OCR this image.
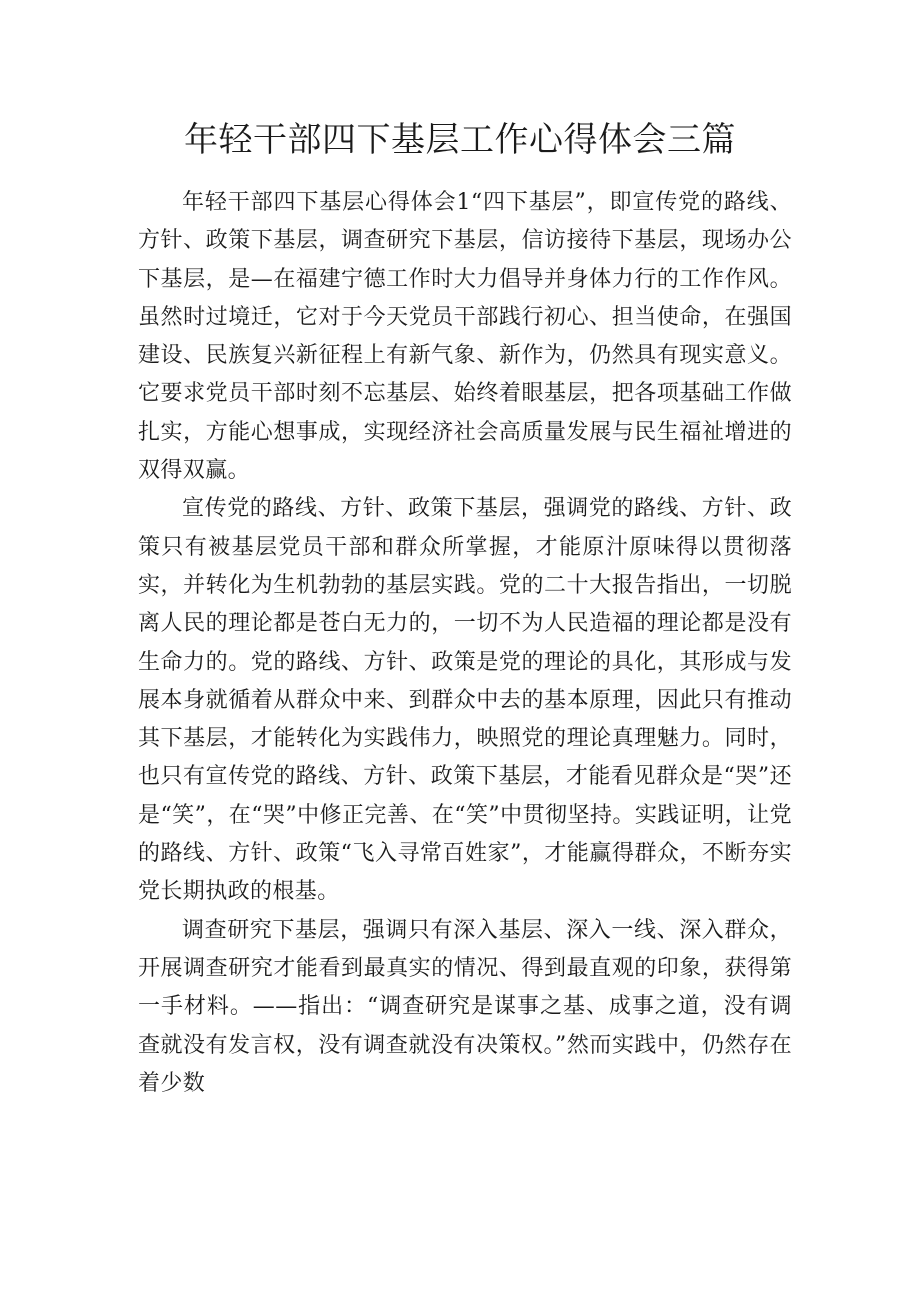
年轻干部四下基层工作心得体会三篇

年轻干部四下基层心得体会1“四下基层”，即宣传党的路线、方针、政策下基层，调查研究下基层，信访接待下基层，现场办公下基层，是—在福建宁德工作时大力倡导并身体力行的工作作风。虽然时过境迁，它对于今天党员干部践行初心、担当使命，在强国建设、民族复兴新征程上有新气象、新作为，仍然具有现实意义。它要求党员干部时刻不忘基层、始终着眼基层，把各项基础工作做扎实，方能心想事成，实现经济社会高质量发展与民生福祉增进的双得双赢。

宣传党的路线、方针、政策下基层，强调党的路线、方针、政策只有被基层党员干部和群众所掌握，才能原汁原味得以贯彻落实，并转化为生机勃勃的基层实践。党的二十大报告指出，一切脱离人民的理论都是苍白无力的，一切不为人民造福的理论都是没有生命力的。党的路线、方针、政策是党的理论的具化，其形成与发展本身就循着从群众中来、到群众中去的基本原理，因此只有推动其下基层，才能转化为实践伟力，映照党的理论真理魅力。同时，也只有宣传党的路线、方针、政策下基层，才能看见群众是“哭”还是“笑”，在“哭”中修正完善、在“笑”中贯彻坚持。实践证明，让党的路线、方针、政策“飞入寻常百姓家”，才能赢得群众，不断夯实党长期执政的根基。

调查研究下基层，强调只有深入基层、深入一线、深入群众，开展调查研究才能看到最真实的情况、得到最直观的印象，获得第一手材料。——指出：“调查研究是谋事之基、成事之道，没有调查就没有发言权，没有调查就没有决策权。”然而实践中，仍然存在着少数
